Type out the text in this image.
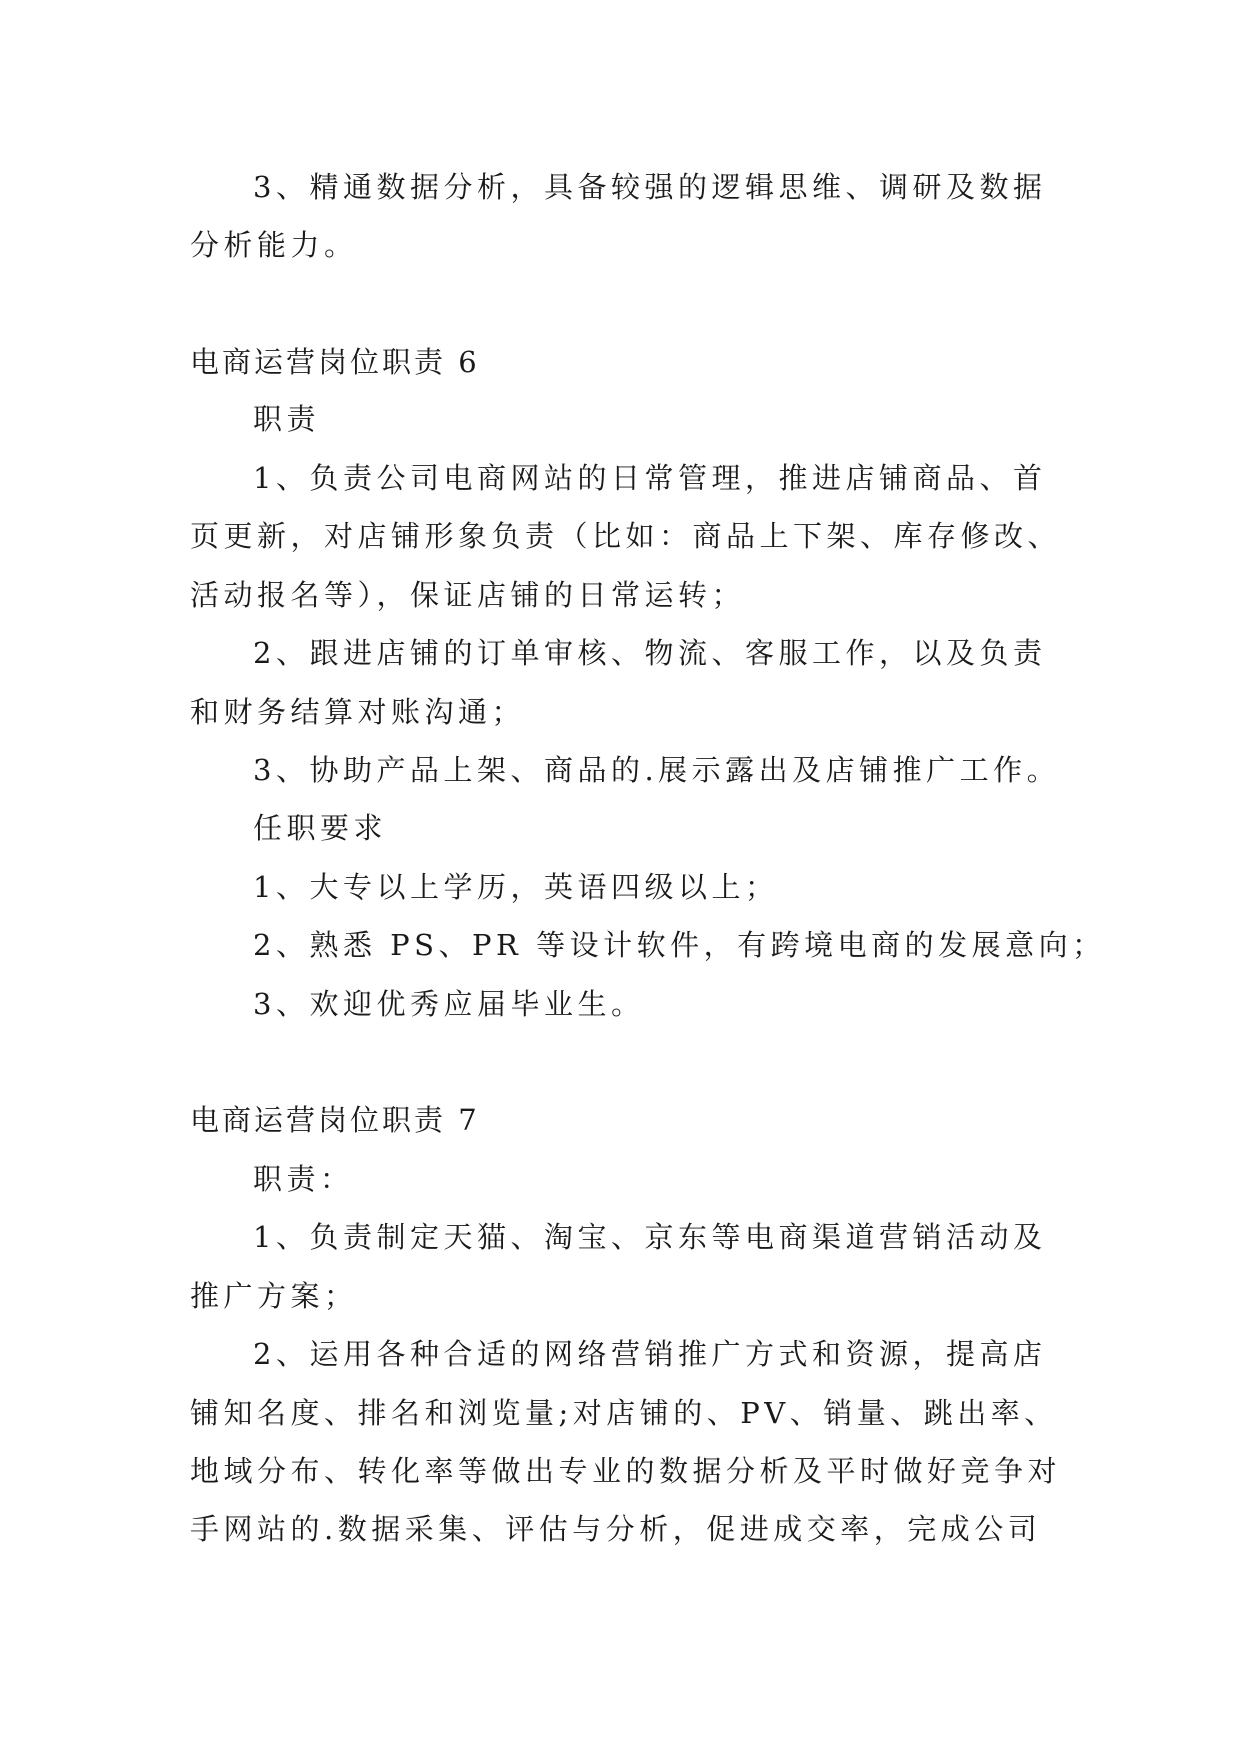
3、精通数据分析，具备较强的逻辑思维、调研及数据
分析能力。
电商运营岗位职责 6
职责
1、负责公司电商网站的日常管理，推进店铺商品、首
页更新，对店铺形象负责（比如：商品上下架、库存修改、
活动报名等），保证店铺的日常运转；
2、跟进店铺的订单审核、物流、客服工作，以及负责
和财务结算对账沟通；
3、协助产品上架、商品的.展示露出及店铺推广工作。
任职要求
1、大专以上学历，英语四级以上；
2、熟悉 PS、PR 等设计软件，有跨境电商的发展意向；
3、欢迎优秀应届毕业生。
电商运营岗位职责 7
职责：
1、负责制定天猫、淘宝、京东等电商渠道营销活动及
推广方案；
2、运用各种合适的网络营销推广方式和资源，提高店
铺知名度、排名和浏览量;对店铺的、PV、销量、跳出率、
地域分布、转化率等做出专业的数据分析及平时做好竞争对
手网站的.数据采集、评估与分析，促进成交率，完成公司
